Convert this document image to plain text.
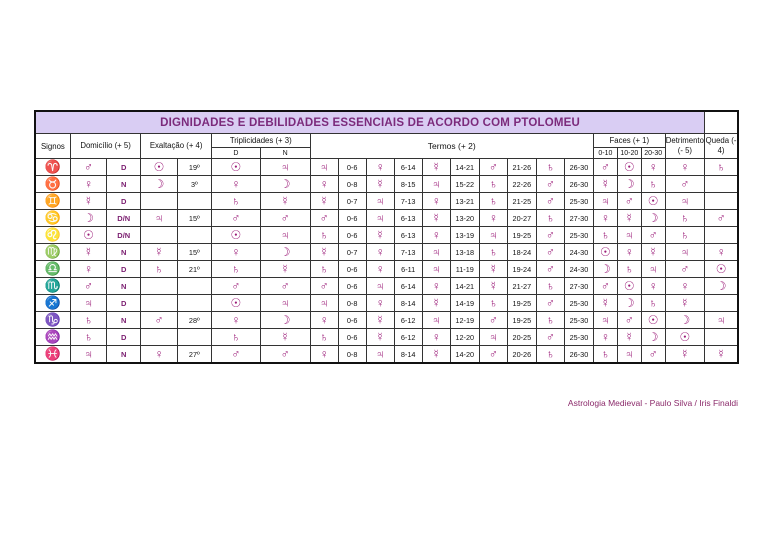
DIGNIDADES E DEBILIDADES ESSENCIAIS DE ACORDO COM PTOLOMEU																					
Signos	Domicílio (+ 5)		Exaltação (+ 4)		Triplicidades (+ 3)		Termos (+ 2)										Faces (+ 1)			Detrimento (- 5)	Queda (- 4)
					D	N											0-10	10-20	20-30		
♈	♂	D	☉	19º	☉	♃	♃	0-6	♀	6-14	☿	14-21	♂	21-26	♄	26-30	♂	☉	♀	♀	♄
♉	♀	N	☽	3º	♀	☽	♀	0-8	☿	8-15	♃	15-22	♄	22-26	♂	26-30	☿	☽	♄	♂	
♊	☿	D			♄	☿	☿	0-7	♃	7-13	♀	13-21	♄	21-25	♂	25-30	♃	♂	☉	♃	
♋	☽	D/N	♃	15º	♂	♂	♂	0-6	♃	6-13	☿	13-20	♀	20-27	♄	27-30	♀	☿	☽	♄	♂
♌	☉	D/N			☉	♃	♄	0-6	☿	6-13	♀	13-19	♃	19-25	♂	25-30	♄	♃	♂	♄	
♍	☿	N	☿	15º	♀	☽	☿	0-7	♀	7-13	♃	13-18	♄	18-24	♂	24-30	☉	♀	☿	♃	♀
♎	♀	D	♄	21º	♄	☿	♄	0-6	♀	6-11	♃	11-19	☿	19-24	♂	24-30	☽	♄	♃	♂	☉
♏	♂	N			♂	♂	♂	0-6	♃	6-14	♀	14-21	☿	21-27	♄	27-30	♂	☉	♀	♀	☽
♐	♃	D			☉	♃	♃	0-8	♀	8-14	☿	14-19	♄	19-25	♂	25-30	☿	☽	♄	☿	
♑	♄	N	♂	28º	♀	☽	♀	0-6	☿	6-12	♃	12-19	♂	19-25	♄	25-30	♃	♂	☉	☽	♃
♒	♄	D			♄	☿	♄	0-6	☿	6-12	♀	12-20	♃	20-25	♂	25-30	♀	☿	☽	☉	
♓	♃	N	♀	27º	♂	♂	♀	0-8	♃	8-14	☿	14-20	♂	20-26	♄	26-30	♄	♃	♂	☿	☿
Astrologia Medieval - Paulo Silva / Iris Finaldi
